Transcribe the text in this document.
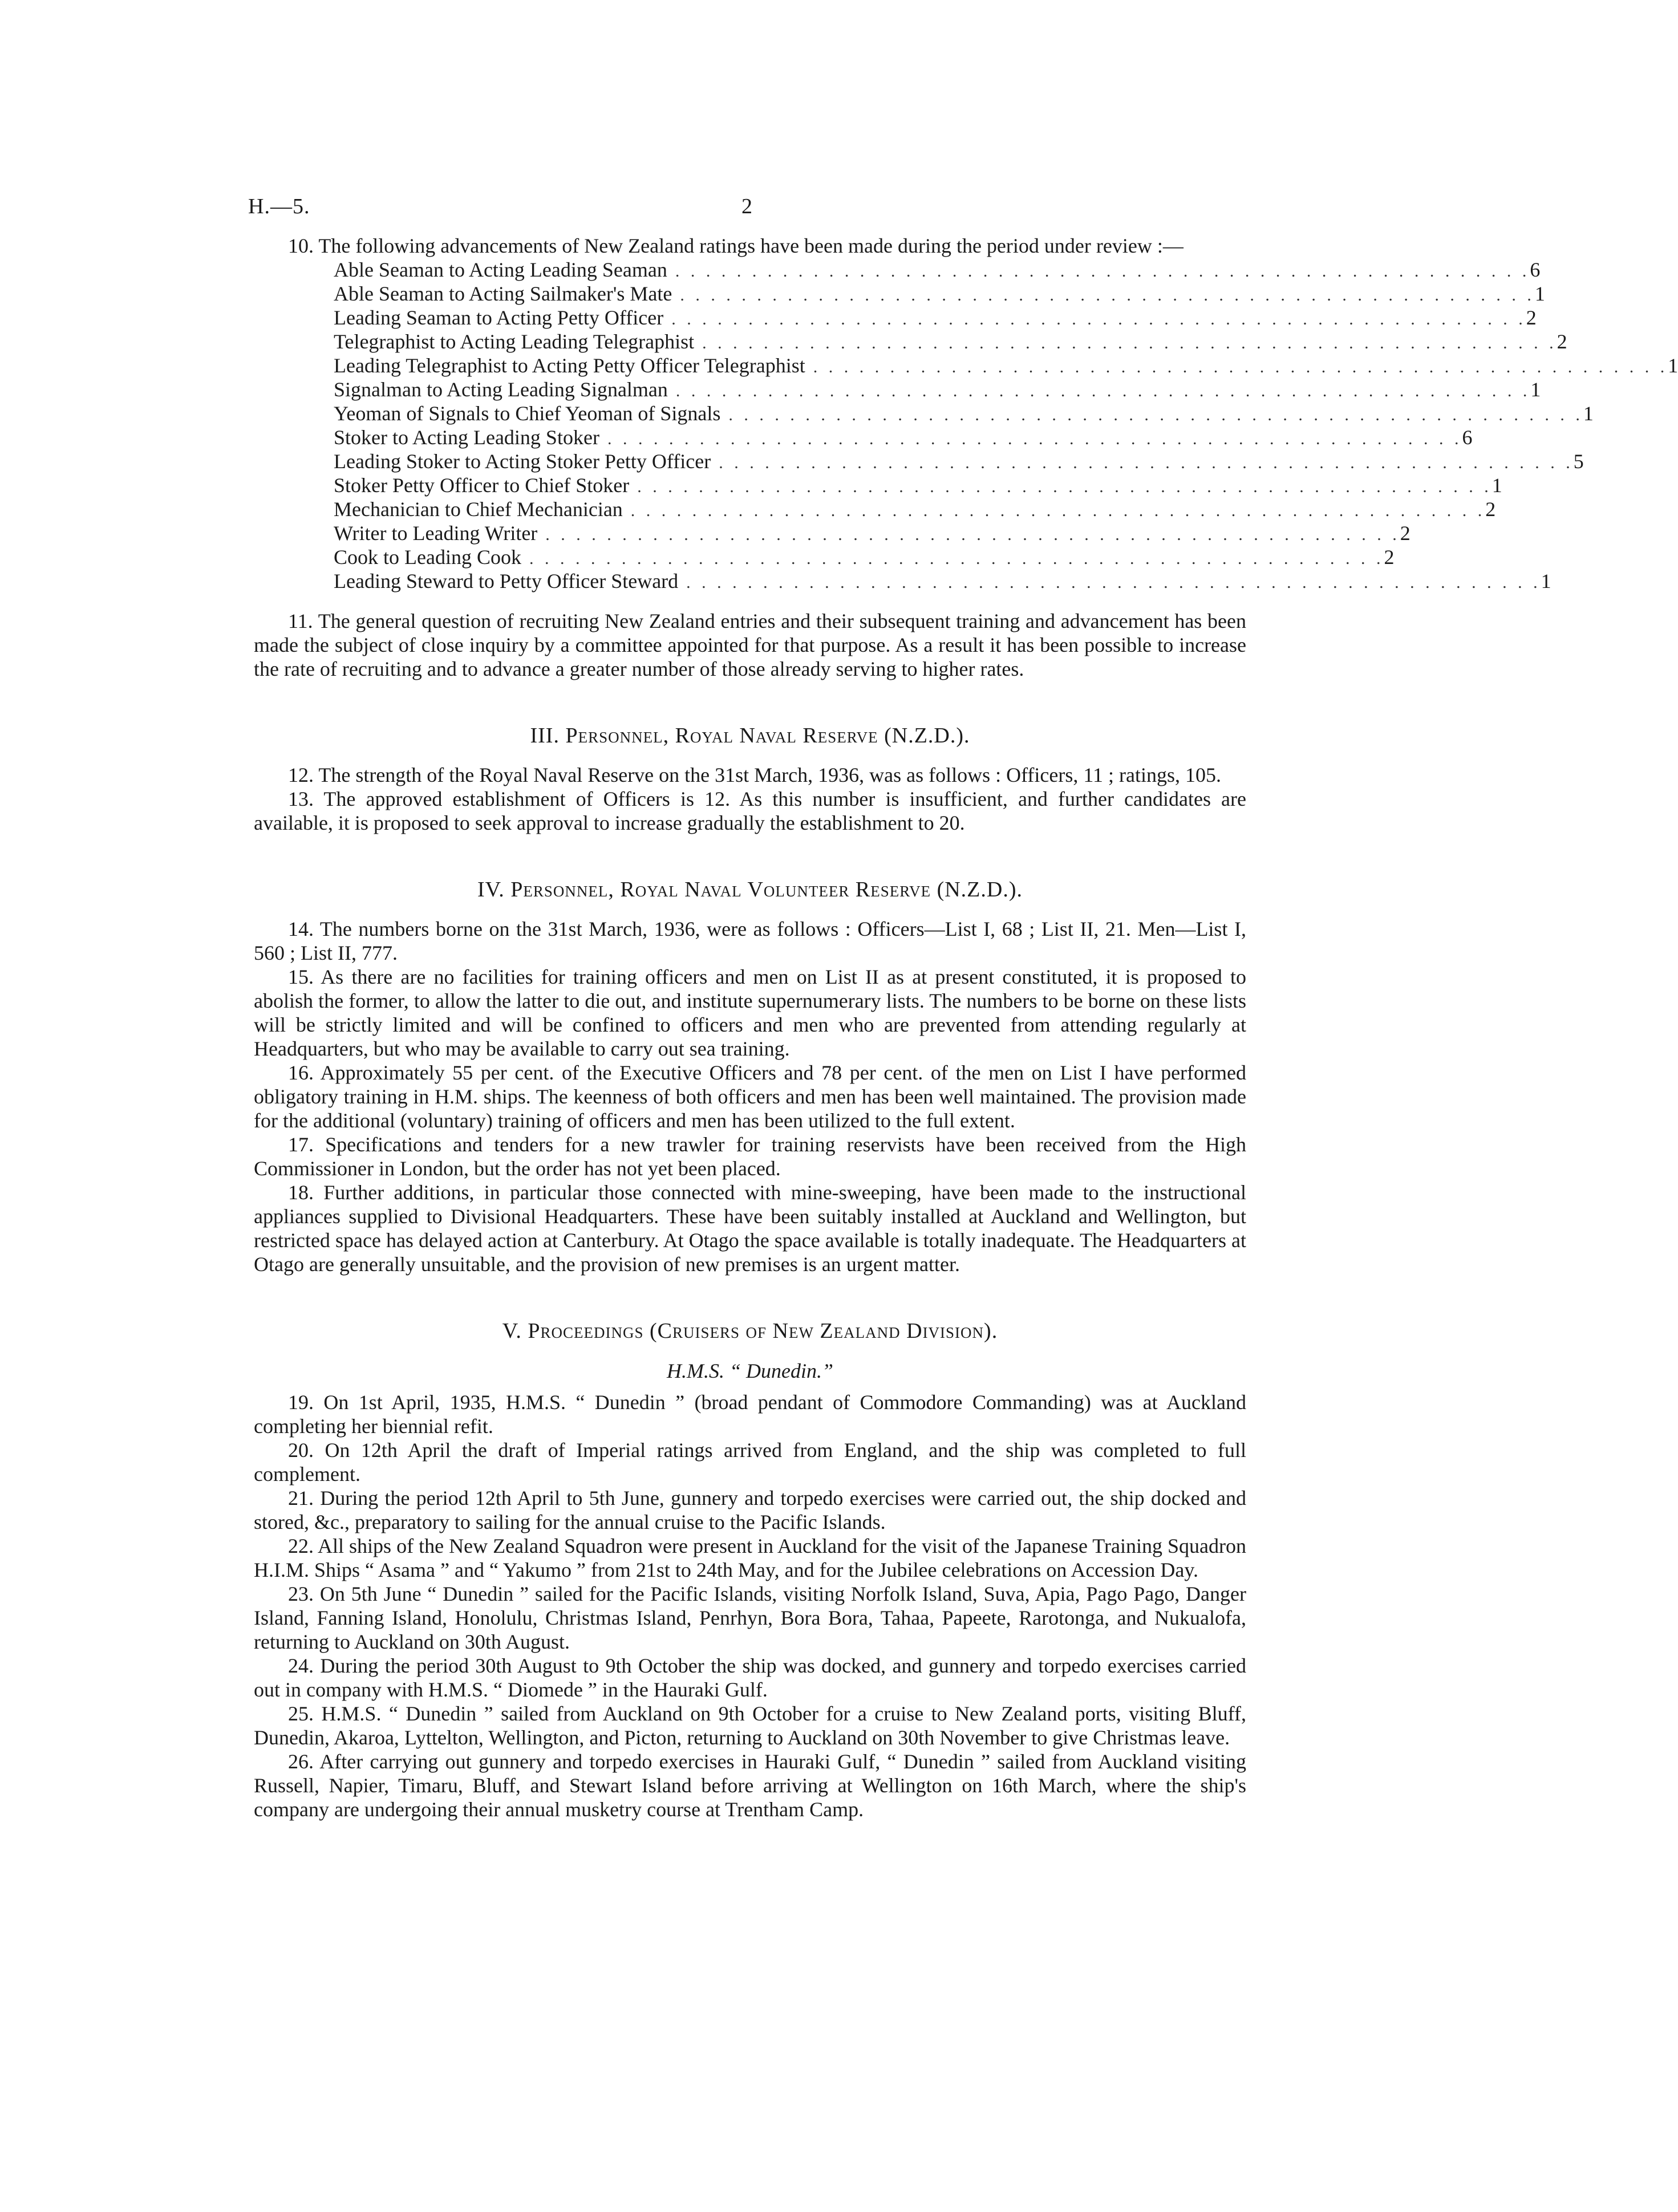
H.—5.	2

10. The following advancements of New Zealand ratings have been made during the period under review :—

Able Seaman to Acting Leading Seaman . . . . . . . . . . . . . . . . . . . . . . . . . . . . . . . . . . . . . . . . . . . . . . . . . . . . . . . . 6
Able Seaman to Acting Sailmaker's Mate . . . . . . . . . . . . . . . . . . . . . . . . . . . . . . . . . . . . . . . . . . . . . . . . . . . . . . . . 1
Leading Seaman to Acting Petty Officer . . . . . . . . . . . . . . . . . . . . . . . . . . . . . . . . . . . . . . . . . . . . . . . . . . . . . . . . 2
Telegraphist to Acting Leading Telegraphist . . . . . . . . . . . . . . . . . . . . . . . . . . . . . . . . . . . . . . . . . . . . . . . . . . . . . . . . 2
Leading Telegraphist to Acting Petty Officer Telegraphist . . . . . . . . . . . . . . . . . . . . . . . . . . . . . . . . . . . . . . . . . . . . . . . . . . . . . . . . 1
Signalman to Acting Leading Signalman . . . . . . . . . . . . . . . . . . . . . . . . . . . . . . . . . . . . . . . . . . . . . . . . . . . . . . . . 1
Yeoman of Signals to Chief Yeoman of Signals . . . . . . . . . . . . . . . . . . . . . . . . . . . . . . . . . . . . . . . . . . . . . . . . . . . . . . . . 1
Stoker to Acting Leading Stoker . . . . . . . . . . . . . . . . . . . . . . . . . . . . . . . . . . . . . . . . . . . . . . . . . . . . . . . . 6
Leading Stoker to Acting Stoker Petty Officer . . . . . . . . . . . . . . . . . . . . . . . . . . . . . . . . . . . . . . . . . . . . . . . . . . . . . . . . 5
Stoker Petty Officer to Chief Stoker . . . . . . . . . . . . . . . . . . . . . . . . . . . . . . . . . . . . . . . . . . . . . . . . . . . . . . . . 1
Mechanician to Chief Mechanician . . . . . . . . . . . . . . . . . . . . . . . . . . . . . . . . . . . . . . . . . . . . . . . . . . . . . . . . 2
Writer to Leading Writer . . . . . . . . . . . . . . . . . . . . . . . . . . . . . . . . . . . . . . . . . . . . . . . . . . . . . . . . 2
Cook to Leading Cook . . . . . . . . . . . . . . . . . . . . . . . . . . . . . . . . . . . . . . . . . . . . . . . . . . . . . . . . 2
Leading Steward to Petty Officer Steward . . . . . . . . . . . . . . . . . . . . . . . . . . . . . . . . . . . . . . . . . . . . . . . . . . . . . . . . 1

11. The general question of recruiting New Zealand entries and their subsequent training and advancement has been made the subject of close inquiry by a committee appointed for that purpose. As a result it has been possible to increase the rate of recruiting and to advance a greater number of those already serving to higher rates.

III. Personnel, Royal Naval Reserve (N.Z.D.).

12. The strength of the Royal Naval Reserve on the 31st March, 1936, was as follows : Officers, 11 ; ratings, 105.

13. The approved establishment of Officers is 12. As this number is insufficient, and further candidates are available, it is proposed to seek approval to increase gradually the establishment to 20.

IV. Personnel, Royal Naval Volunteer Reserve (N.Z.D.).

14. The numbers borne on the 31st March, 1936, were as follows : Officers—List I, 68 ; List II, 21. Men—List I, 560 ; List II, 777.

15. As there are no facilities for training officers and men on List II as at present constituted, it is proposed to abolish the former, to allow the latter to die out, and institute supernumerary lists. The numbers to be borne on these lists will be strictly limited and will be confined to officers and men who are prevented from attending regularly at Headquarters, but who may be available to carry out sea training.

16. Approximately 55 per cent. of the Executive Officers and 78 per cent. of the men on List I have performed obligatory training in H.M. ships. The keenness of both officers and men has been well maintained. The provision made for the additional (voluntary) training of officers and men has been utilized to the full extent.

17. Specifications and tenders for a new trawler for training reservists have been received from the High Commissioner in London, but the order has not yet been placed.

18. Further additions, in particular those connected with mine-sweeping, have been made to the instructional appliances supplied to Divisional Headquarters. These have been suitably installed at Auckland and Wellington, but restricted space has delayed action at Canterbury. At Otago the space available is totally inadequate. The Headquarters at Otago are generally unsuitable, and the provision of new premises is an urgent matter.

V. Proceedings (Cruisers of New Zealand Division).
H.M.S. “ Dunedin.”

19. On 1st April, 1935, H.M.S. “ Dunedin ” (broad pendant of Commodore Commanding) was at Auckland completing her biennial refit.

20. On 12th April the draft of Imperial ratings arrived from England, and the ship was completed to full complement.

21. During the period 12th April to 5th June, gunnery and torpedo exercises were carried out, the ship docked and stored, &c., preparatory to sailing for the annual cruise to the Pacific Islands.

22. All ships of the New Zealand Squadron were present in Auckland for the visit of the Japanese Training Squadron H.I.M. Ships “ Asama ” and “ Yakumo ” from 21st to 24th May, and for the Jubilee celebrations on Accession Day.

23. On 5th June “ Dunedin ” sailed for the Pacific Islands, visiting Norfolk Island, Suva, Apia, Pago Pago, Danger Island, Fanning Island, Honolulu, Christmas Island, Penrhyn, Bora Bora, Tahaa, Papeete, Rarotonga, and Nukualofa, returning to Auckland on 30th August.

24. During the period 30th August to 9th October the ship was docked, and gunnery and torpedo exercises carried out in company with H.M.S. “ Diomede ” in the Hauraki Gulf.

25. H.M.S. “ Dunedin ” sailed from Auckland on 9th October for a cruise to New Zealand ports, visiting Bluff, Dunedin, Akaroa, Lyttelton, Wellington, and Picton, returning to Auckland on 30th November to give Christmas leave.

26. After carrying out gunnery and torpedo exercises in Hauraki Gulf, “ Dunedin ” sailed from Auckland visiting Russell, Napier, Timaru, Bluff, and Stewart Island before arriving at Wellington on 16th March, where the ship's company are undergoing their annual musketry course at Trentham Camp.
